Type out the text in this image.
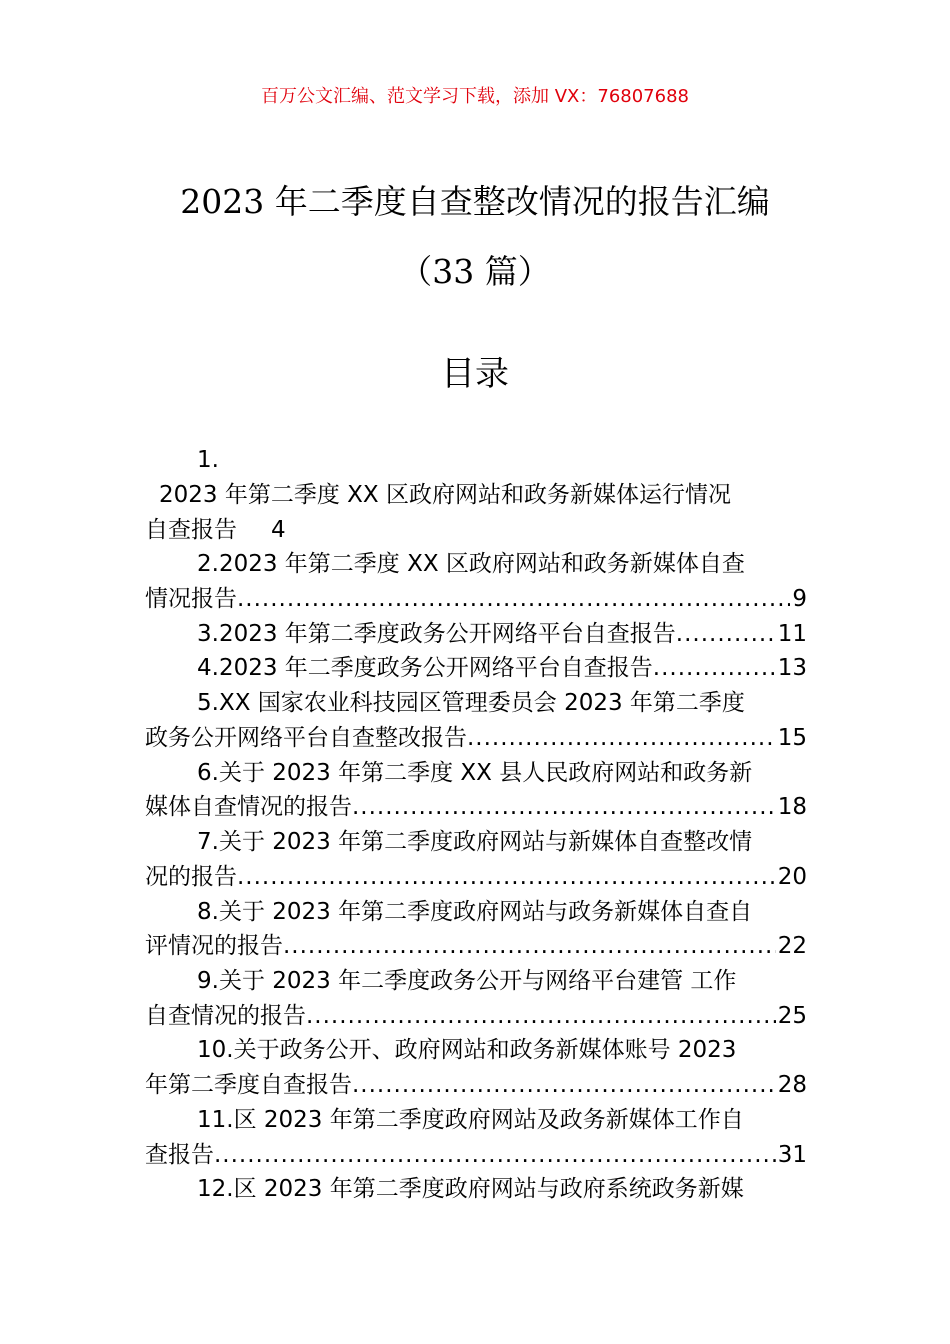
百万公文汇编、范文学习下载，添加 VX：76807688
2023 年二季度自查整改情况的报告汇编
（33 篇）
目录
1.
2023 年第二季度 XX 区政府网站和政务新媒体运行情况
自查报告 4
2.2023 年第二季度 XX 区政府网站和政务新媒体自查
情况报告 .....	9
3.2023 年第二季度政务公开网络平台自查报告 .....	11
4.2023 年二季度政务公开网络平台自查报告 .....	13
5.XX 国家农业科技园区管理委员会 2023 年第二季度
政务公开网络平台自查整改报告 .....	15
6.关于 2023 年第二季度 XX 县人民政府网站和政务新
媒体自查情况的报告 .....	18
7.关于 2023 年第二季度政府网站与新媒体自查整改情
况的报告 .....	20
8.关于 2023 年第二季度政府网站与政务新媒体自查自
评情况的报告 .....	22
9.关于 2023 年二季度政务公开与网络平台建管 工作
自查情况的报告 .....	25
10.关于政务公开、政府网站和政务新媒体账号 2023
年第二季度自查报告 .....	28
11.区 2023 年第二季度政府网站及政务新媒体工作自
查报告 .....	31
12.区 2023 年第二季度政府网站与政府系统政务新媒
